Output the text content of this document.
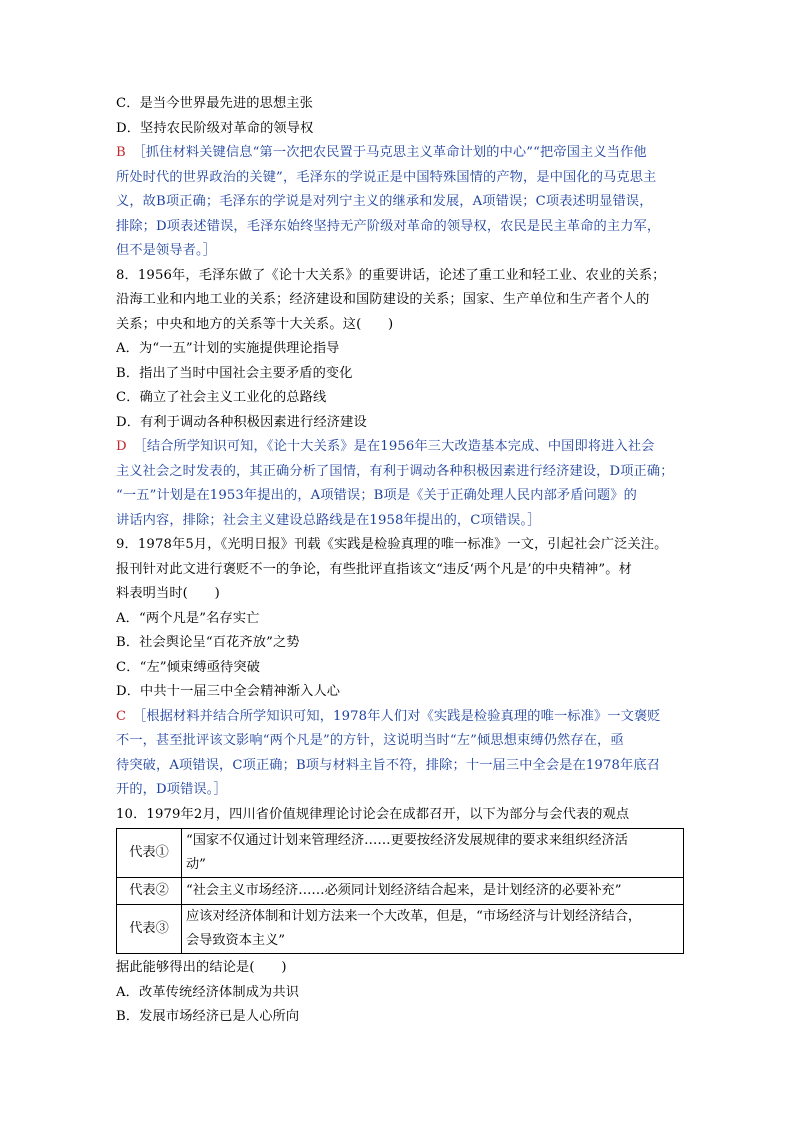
C．是当今世界最先进的思想主张
D．坚持农民阶级对革命的领导权
B　 ［抓住材料关键信息“第一次把农民置于马克思主义革命计划的中心”“把帝国主义当作他
所处时代的世界政治的关键”，毛泽东的学说正是中国特殊国情的产物，是中国化的马克思主
义，故B项正确；毛泽东的学说是对列宁主义的继承和发展，A项错误；C项表述明显错误，
排除；D项表述错误，毛泽东始终坚持无产阶级对革命的领导权，农民是民主革命的主力军，
但不是领导者。］
8．1956年，毛泽东做了《论十大关系》的重要讲话，论述了重工业和轻工业、农业的关系；
沿海工业和内地工业的关系；经济建设和国防建设的关系；国家、生产单位和生产者个人的
关系；中央和地方的关系等十大关系。这(　　)
A．为“一五”计划的实施提供理论指导
B．指出了当时中国社会主要矛盾的变化
C．确立了社会主义工业化的总路线
D．有利于调动各种积极因素进行经济建设
D　 ［结合所学知识可知，《论十大关系》是在1956年三大改造基本完成、中国即将进入社会
主义社会之时发表的，其正确分析了国情，有利于调动各种积极因素进行经济建设，D项正确；
“一五”计划是在1953年提出的，A项错误；B项是《关于正确处理人民内部矛盾问题》的
讲话内容，排除；社会主义建设总路线是在1958年提出的，C项错误。］
9．1978年5月，《光明日报》刊载《实践是检验真理的唯一标准》一文，引起社会广泛关注。
报刊针对此文进行褒贬不一的争论，有些批评直指该文“违反‘两个凡是’的中央精神”。材
料表明当时(　　)
A．“两个凡是”名存实亡
B．社会舆论呈“百花齐放”之势
C．“左”倾束缚亟待突破
D．中共十一届三中全会精神渐入人心
C　 ［根据材料并结合所学知识可知，1978年人们对《实践是检验真理的唯一标准》一文褒贬
不一，甚至批评该文影响“两个凡是”的方针，这说明当时“左”倾思想束缚仍然存在，亟
待突破，A项错误，C项正确；B项与材料主旨不符，排除；十一届三中全会是在1978年底召
开的，D项错误。］
10．1979年2月，四川省价值规律理论讨论会在成都召开，以下为部分与会代表的观点
代表①	“国家不仅通过计划来管理经济……更要按经济发展规律的要求来组织经济活
动”

代表②	“社会主义市场经济……必须同计划经济结合起来，是计划经济的必要补充”

代表③	应该对经济体制和计划方法来一个大改革，但是，“市场经济与计划经济结合，
会导致资本主义”
据此能够得出的结论是(　　)
A．改革传统经济体制成为共识
B．发展市场经济已是人心所向
